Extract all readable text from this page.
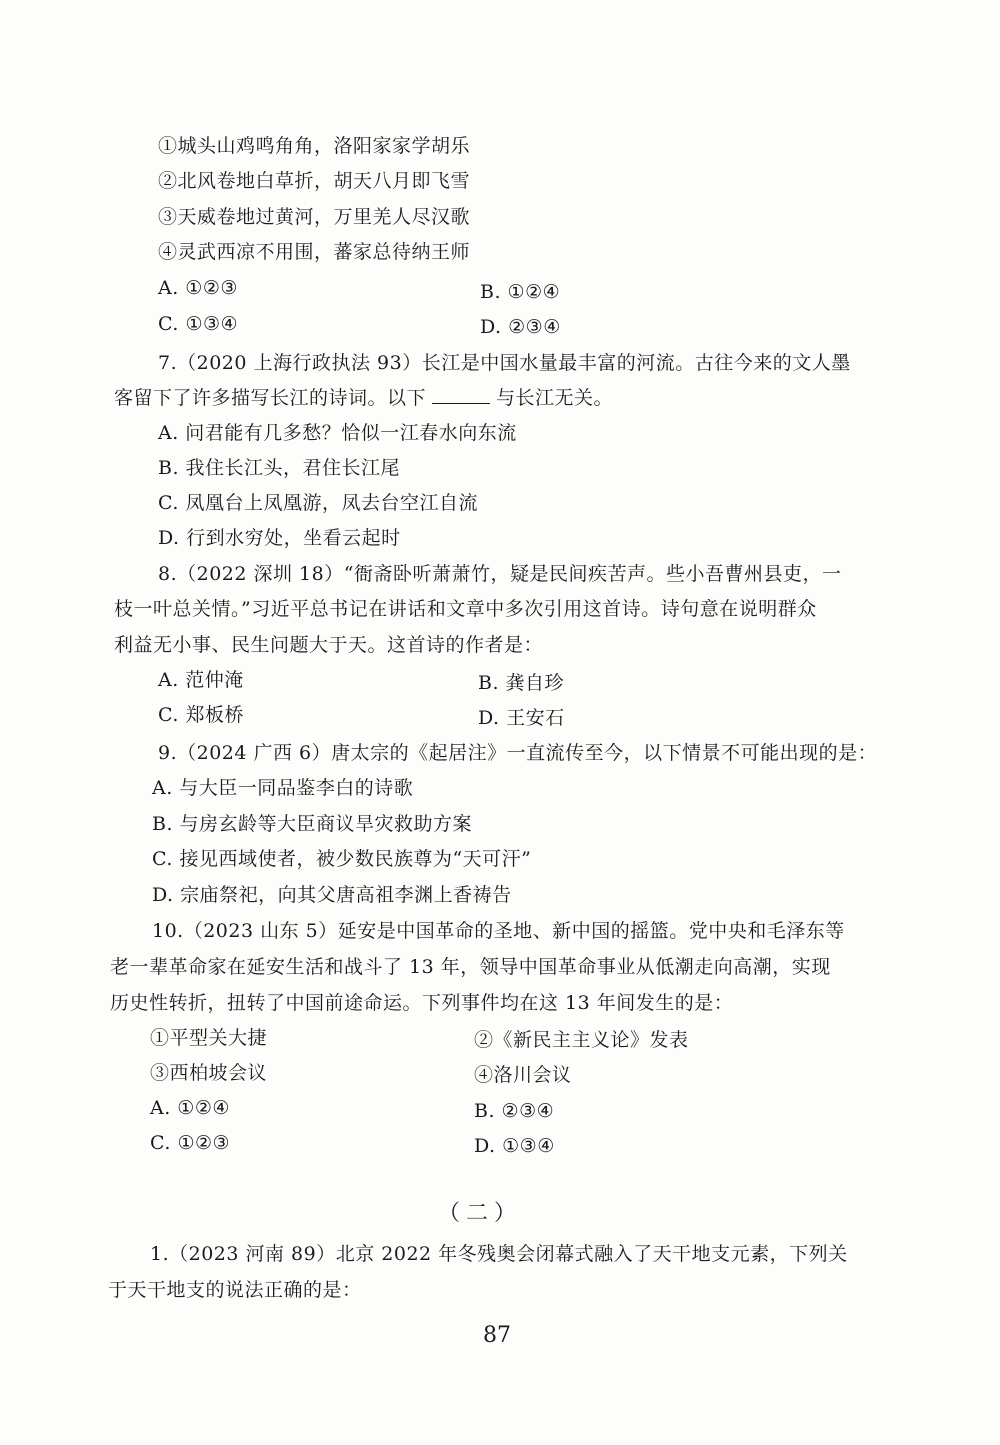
①城头山鸡鸣角角，洛阳家家学胡乐
②北风卷地白草折，胡天八月即飞雪
③天威卷地过黄河，万里羌人尽汉歌
④灵武西凉不用围，蕃家总待纳王师
A. ①②③	B. ①②④
C. ①③④	D. ②③④
7.（2020 上海行政执法 93）长江是中国水量最丰富的河流。古往今来的文人墨
客留下了许多描写长江的诗词。以下	与长江无关。
A. 问君能有几多愁？恰似一江春水向东流
B. 我住长江头，君住长江尾
C. 凤凰台上凤凰游，凤去台空江自流
D. 行到水穷处，坐看云起时
8.（2022 深圳 18）“衙斋卧听萧萧竹，疑是民间疾苦声。些小吾曹州县吏，一
枝一叶总关情。”习近平总书记在讲话和文章中多次引用这首诗。诗句意在说明群众
利益无小事、民生问题大于天。这首诗的作者是：
A. 范仲淹	B. 龚自珍
C. 郑板桥	D. 王安石
9.（2024 广西 6）唐太宗的《起居注》一直流传至今，以下情景不可能出现的是：
A. 与大臣一同品鉴李白的诗歌
B. 与房玄龄等大臣商议旱灾救助方案
C. 接见西域使者，被少数民族尊为“天可汗”
D. 宗庙祭祀，向其父唐高祖李渊上香祷告
10.（2023 山东 5）延安是中国革命的圣地、新中国的摇篮。党中央和毛泽东等
老一辈革命家在延安生活和战斗了 13 年，领导中国革命事业从低潮走向高潮，实现
历史性转折，扭转了中国前途命运。下列事件均在这 13 年间发生的是：
①平型关大捷	②《新民主主义论》发表
③西柏坡会议	④洛川会议
A. ①②④	B. ②③④
C. ①②③	D. ①③④
（二）
1.（2023 河南 89）北京 2022 年冬残奥会闭幕式融入了天干地支元素，下列关
于天干地支的说法正确的是：
87
